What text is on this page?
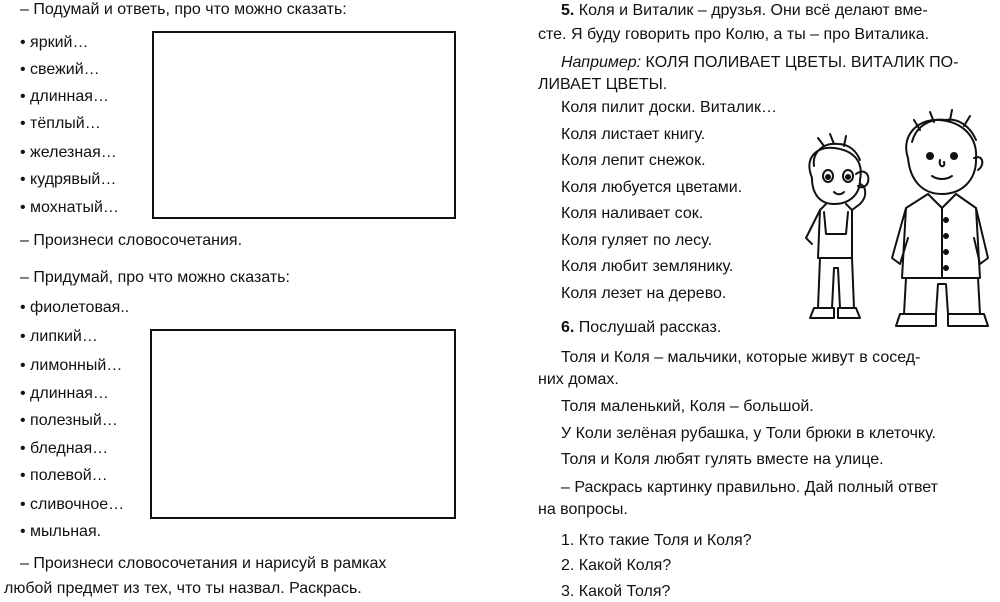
– Подумай и ответь, про что можно сказать:
• яркий…
• свежий…
• длинная…
• тёплый…
• железная…
• кудрявый…
• мохнатый…
– Произнеси словосочетания.
– Придумай, про что можно сказать:
• фиолетовая..
• липкий…
• лимонный…
• длинная…
• полезный…
• бледная…
• полевой…
• сливочное…
• мыльная.
– Произнеси словосочетания и нарисуй в рамках
любой предмет из тех, что ты назвал. Раскрась.
5. Коля и Виталик – друзья. Они всё делают вме-
сте. Я буду говорить про Колю, а ты – про Виталика.
Например: КОЛЯ ПОЛИВАЕТ ЦВЕТЫ. ВИТАЛИК ПО-
ЛИВАЕТ ЦВЕТЫ.
Коля пилит доски. Виталик…
Коля листает книгу.
Коля лепит снежок.
Коля любуется цветами.
Коля наливает сок.
Коля гуляет по лесу.
Коля любит землянику.
Коля лезет на дерево.
6. Послушай рассказ.
Толя и Коля – мальчики, которые живут в сосед-
них домах.
Толя маленький, Коля – большой.
У Коли зелёная рубашка, у Толи брюки в клеточку.
Толя и Коля любят гулять вместе на улице.
– Раскрась картинку правильно. Дай полный ответ
на вопросы.
1. Кто такие Толя и Коля?
2. Какой Коля?
3. Какой Толя?
